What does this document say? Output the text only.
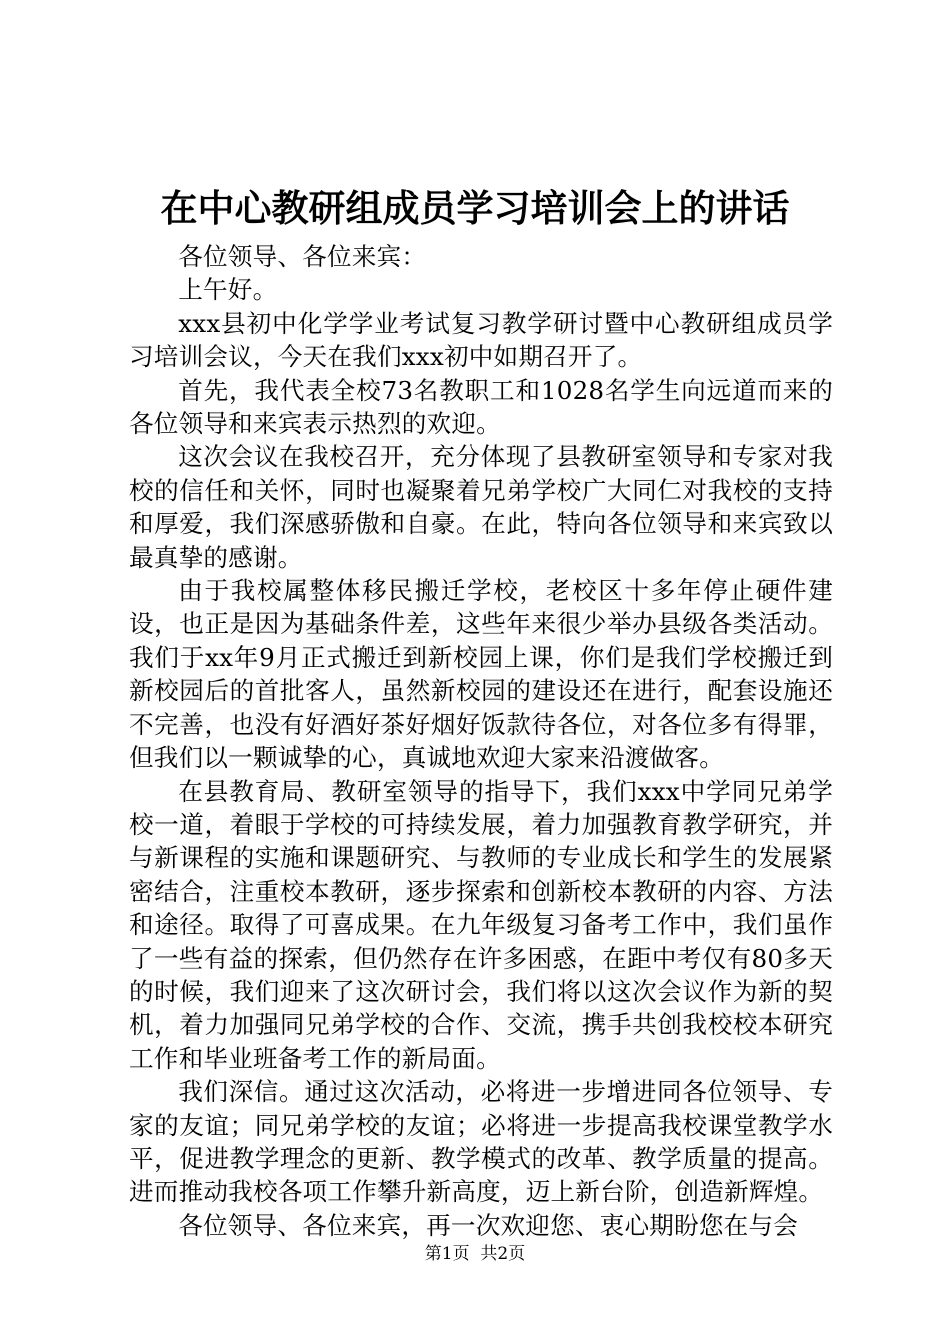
在中心教研组成员学习培训会上的讲话

各位领导、各位来宾：

上午好。

xxx县初中化学学业考试复习教学研讨暨中心教研组成员学习培训会议，今天在我们xxx初中如期召开了。

首先，我代表全校73名教职工和1028名学生向远道而来的各位领导和来宾表示热烈的欢迎。

这次会议在我校召开，充分体现了县教研室领导和专家对我校的信任和关怀，同时也凝聚着兄弟学校广大同仁对我校的支持和厚爱，我们深感骄傲和自豪。在此，特向各位领导和来宾致以最真挚的感谢。

由于我校属整体移民搬迁学校，老校区十多年停止硬件建设，也正是因为基础条件差，这些年来很少举办县级各类活动。我们于xx年9月正式搬迁到新校园上课，你们是我们学校搬迁到新校园后的首批客人，虽然新校园的建设还在进行，配套设施还不完善，也没有好酒好茶好烟好饭款待各位，对各位多有得罪，但我们以一颗诚挚的心，真诚地欢迎大家来沿渡做客。

在县教育局、教研室领导的指导下，我们xxx中学同兄弟学校一道，着眼于学校的可持续发展，着力加强教育教学研究，并与新课程的实施和课题研究、与教师的专业成长和学生的发展紧密结合，注重校本教研，逐步探索和创新校本教研的内容、方法和途径。取得了可喜成果。在九年级复习备考工作中，我们虽作了一些有益的探索，但仍然存在许多困惑，在距中考仅有80多天的时候，我们迎来了这次研讨会，我们将以这次会议作为新的契机，着力加强同兄弟学校的合作、交流，携手共创我校校本研究工作和毕业班备考工作的新局面。

我们深信。通过这次活动，必将进一步增进同各位领导、专家的友谊；同兄弟学校的友谊；必将进一步提高我校课堂教学水平，促进教学理念的更新、教学模式的改革、教学质量的提高。进而推动我校各项工作攀升新高度，迈上新台阶，创造新辉煌。

各位领导、各位来宾，再一次欢迎您、衷心期盼您在与会

第1页  共2页
